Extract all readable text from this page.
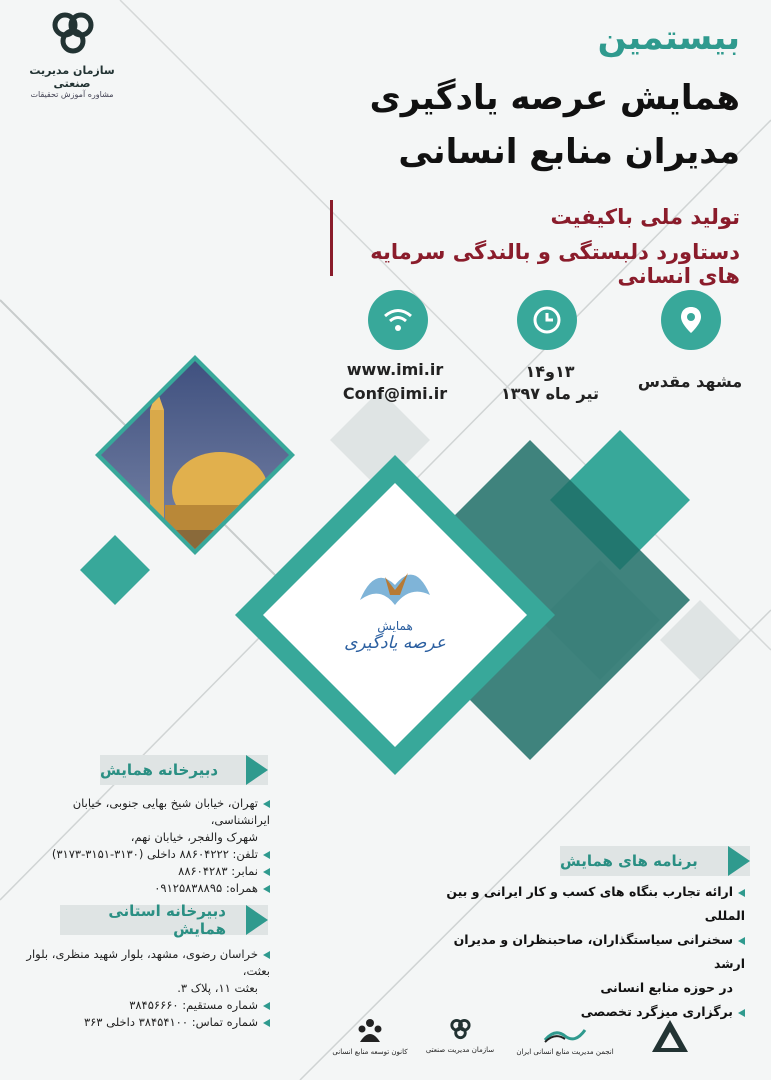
سازمان مدیریت صنعتی
مشاوره آموزش تحقیقات
بیستمین
همایش عرصه یادگیری
مدیران منابع انسانی
تولید ملی باکیفیت
دستاورد دلبستگی و بالندگی سرمایه های انسانی
www.imi.ir
Conf@imi.ir
۱۳و۱۴
تیر ماه ۱۳۹۷
مشهد مقدس
همایش
عرصه یادگیری
دبیرخانه همایش
تهران، خیابان شیخ بهایی جنوبی، خیابان ایرانشناسی،
شهرک والفجر، خیابان نهم،
تلفن: ۸۸۶۰۴۲۲۲ داخلی (۳۱۳۰-۳۱۵۱-۳۱۷۳)
نمابر: ۸۸۶۰۴۲۸۳
همراه: ۰۹۱۲۵۸۳۸۸۹۵
دبیرخانه استانی همایش
خراسان رضوی، مشهد، بلوار شهید منظری، بلوار بعثت،
بعثت ۱۱، پلاک ۳.
شماره مستقیم: ۳۸۴۵۶۶۶۰
شماره تماس: ۳۸۴۵۴۱۰۰ داخلی ۳۶۳
برنامه های همایش
ارائه تجارب بنگاه های کسب و کار ایرانی و بین المللی
سخنرانی سیاستگذاران، صاحبنظران و مدیران ارشد
در حوزه منابع انسانی
برگزاری میزگرد تخصصی
کانون توسعه منابع انسانی	سازمان مدیریت صنعتی	انجمن مدیریت منابع انسانی ایران
